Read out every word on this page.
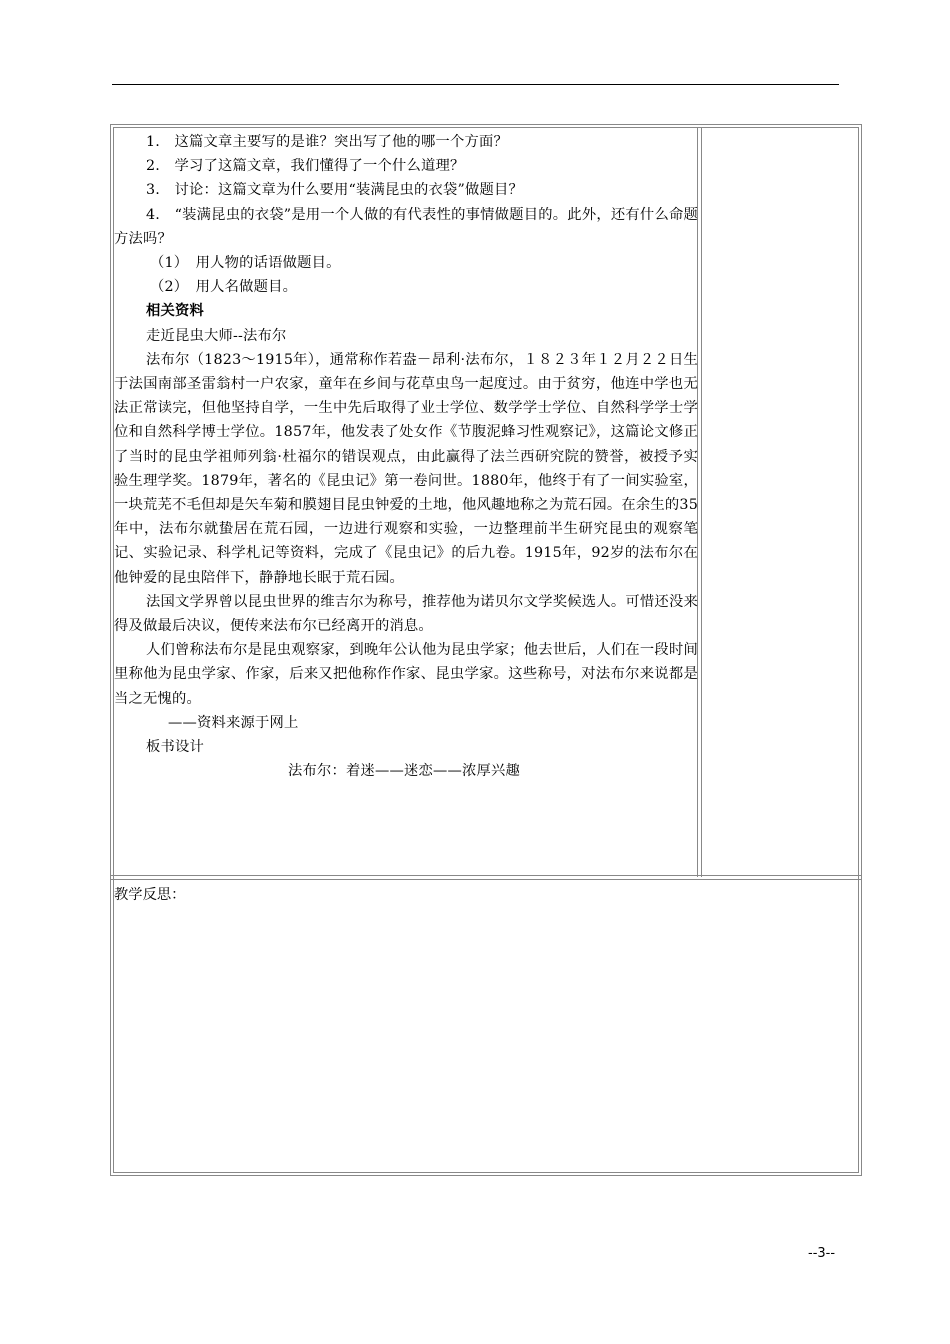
1.　这篇文章主要写的是谁？突出写了他的哪一个方面？

2.　学习了这篇文章，我们懂得了一个什么道理？

3.　讨论：这篇文章为什么要用“装满昆虫的衣袋”做题目？

4.　“装满昆虫的衣袋”是用一个人做的有代表性的事情做题目的。此外，还有什么命题方法吗？

（1）　用人物的话语做题目。

（2）　用人名做题目。

相关资料

走近昆虫大师--法布尔

法布尔（1823～1915年），通常称作若盎－昂利·法布尔，１８２３年１２月２２日生于法国南部圣雷翁村一户农家，童年在乡间与花草虫鸟一起度过。由于贫穷，他连中学也无法正常读完，但他坚持自学，一生中先后取得了业士学位、数学学士学位、自然科学学士学位和自然科学博士学位。1857年，他发表了处女作《节腹泥蜂习性观察记》，这篇论文修正了当时的昆虫学祖师列翁·杜福尔的错误观点，由此赢得了法兰西研究院的赞誉，被授予实验生理学奖。1879年，著名的《昆虫记》第一卷问世。1880年，他终于有了一间实验室，一块荒芜不毛但却是矢车菊和膜翅目昆虫钟爱的土地，他风趣地称之为荒石园。在余生的35年中，法布尔就蛰居在荒石园，一边进行观察和实验，一边整理前半生研究昆虫的观察笔记、实验记录、科学札记等资料，完成了《昆虫记》的后九卷。1915年，92岁的法布尔在他钟爱的昆虫陪伴下，静静地长眠于荒石园。

法国文学界曾以昆虫世界的维吉尔为称号，推荐他为诺贝尔文学奖候选人。可惜还没来得及做最后决议，便传来法布尔已经离开的消息。

人们曾称法布尔是昆虫观察家，到晚年公认他为昆虫学家；他去世后，人们在一段时间里称他为昆虫学家、作家，后来又把他称作作家、昆虫学家。这些称号，对法布尔来说都是当之无愧的。

——资料来源于网上

板书设计

法布尔：着迷——迷恋——浓厚兴趣

教学反思：
--3--
